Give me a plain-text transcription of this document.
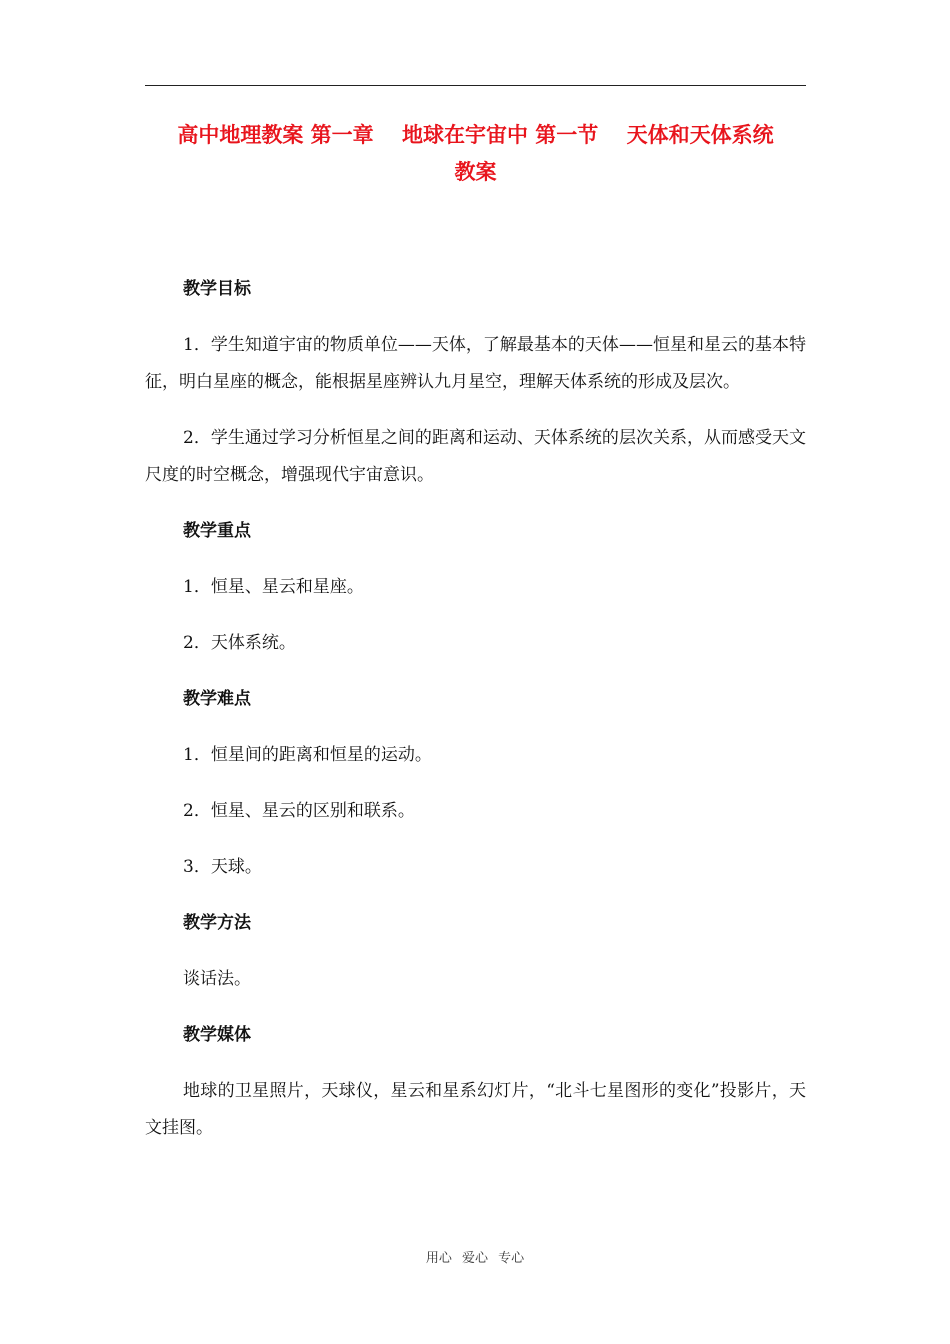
高中地理教案 第一章　 地球在宇宙中 第一节　 天体和天体系统
教案

教学目标

1．学生知道宇宙的物质单位——天体，了解最基本的天体——恒星和星云的基本特征，明白星座的概念，能根据星座辨认九月星空，理解天体系统的形成及层次。

2．学生通过学习分析恒星之间的距离和运动、天体系统的层次关系，从而感受天文尺度的时空概念，增强现代宇宙意识。

教学重点

1．恒星、星云和星座。

2．天体系统。

教学难点

1．恒星间的距离和恒星的运动。

2．恒星、星云的区别和联系。

3．天球。

教学方法

谈话法。

教学媒体

地球的卫星照片，天球仪，星云和星系幻灯片，“北斗七星图形的变化”投影片，天文挂图。

用心 爱心 专心
